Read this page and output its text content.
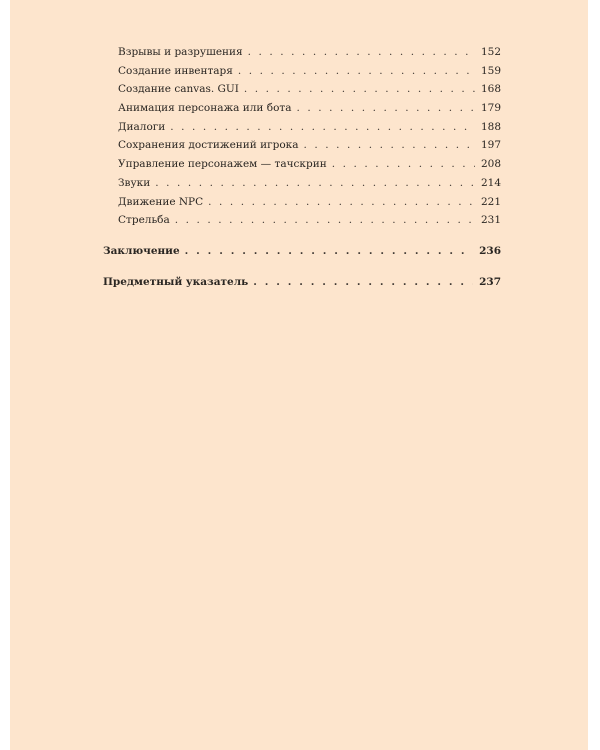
Взрывы и разрушения . . .	152
Создание инвентаря . . .	159
Создание canvas. GUI . . .	168
Анимация персонажа или бота . . .	179
Диалоги . . .	188
Сохранения достижений игрока . . .	197
Управление персонажем — тачскрин . . .	208
Звуки . . .	214
Движение NPC . . .	221
Стрельба . . .	231
Заключение . . .	236
Предметный указатель . . .	237
